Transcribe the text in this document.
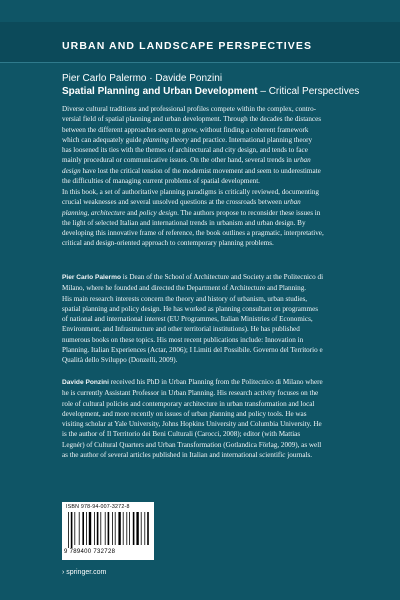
URBAN AND LANDSCAPE PERSPECTIVES
Pier Carlo Palermo · Davide Ponzini
Spatial Planning and Urban Development – Critical Perspectives
Diverse cultural traditions and professional profiles compete within the complex, contro-
versial field of spatial planning and urban development. Through the decades the distances
between the different approaches seem to grow, without finding a coherent framework
which can adequately guide planning theory and practice. International planning theory
has loosened its ties with the themes of architectural and city design, and tends to face
mainly procedural or communicative issues. On the other hand, several trends in urban
design have lost the critical tension of the modernist movement and seem to underestimate
the difficulties of managing current problems of spatial development.
In this book, a set of authoritative planning paradigms is critically reviewed, documenting
crucial weaknesses and several unsolved questions at the crossroads between urban
planning, architecture and policy design. The authors propose to reconsider these issues in
the light of selected Italian and international trends in urbanism and urban design. By
developing this innovative frame of reference, the book outlines a pragmatic, interpretative,
critical and design-oriented approach to contemporary planning problems.
Pier Carlo Palermo is Dean of the School of Architecture and Society at the Politecnico di
Milano, where he founded and directed the Department of Architecture and Planning.
His main research interests concern the theory and history of urbanism, urban studies,
spatial planning and policy design. He has worked as planning consultant on programmes
of national and international interest (EU Programmes, Italian Ministries of Economics,
Environment, and Infrastructure and other territorial institutions). He has published
numerous books on these topics. His most recent publications include: Innovation in
Planning. Italian Experiences (Actar, 2006); I Limiti del Possibile. Governo del Territorio e
Qualità dello Sviluppo (Donzelli, 2009).
Davide Ponzini received his PhD in Urban Planning from the Politecnico di Milano where
he is currently Assistant Professor in Urban Planning. His research activity focuses on the
role of cultural policies and contemporary architecture in urban transformation and local
development, and more recently on issues of urban planning and policy tools. He was
visiting scholar at Yale University, Johns Hopkins University and Columbia University. He
is the author of Il Territorio dei Beni Culturali (Carocci, 2008); editor (with Mattias
Legnér) of Cultural Quarters and Urban Transformation (Gotlandica Förlag, 2009), as well
as the author of several articles published in Italian and international scientific journals.
ISBN 978-94-007-3272-8
9 789400 732728
› springer.com
